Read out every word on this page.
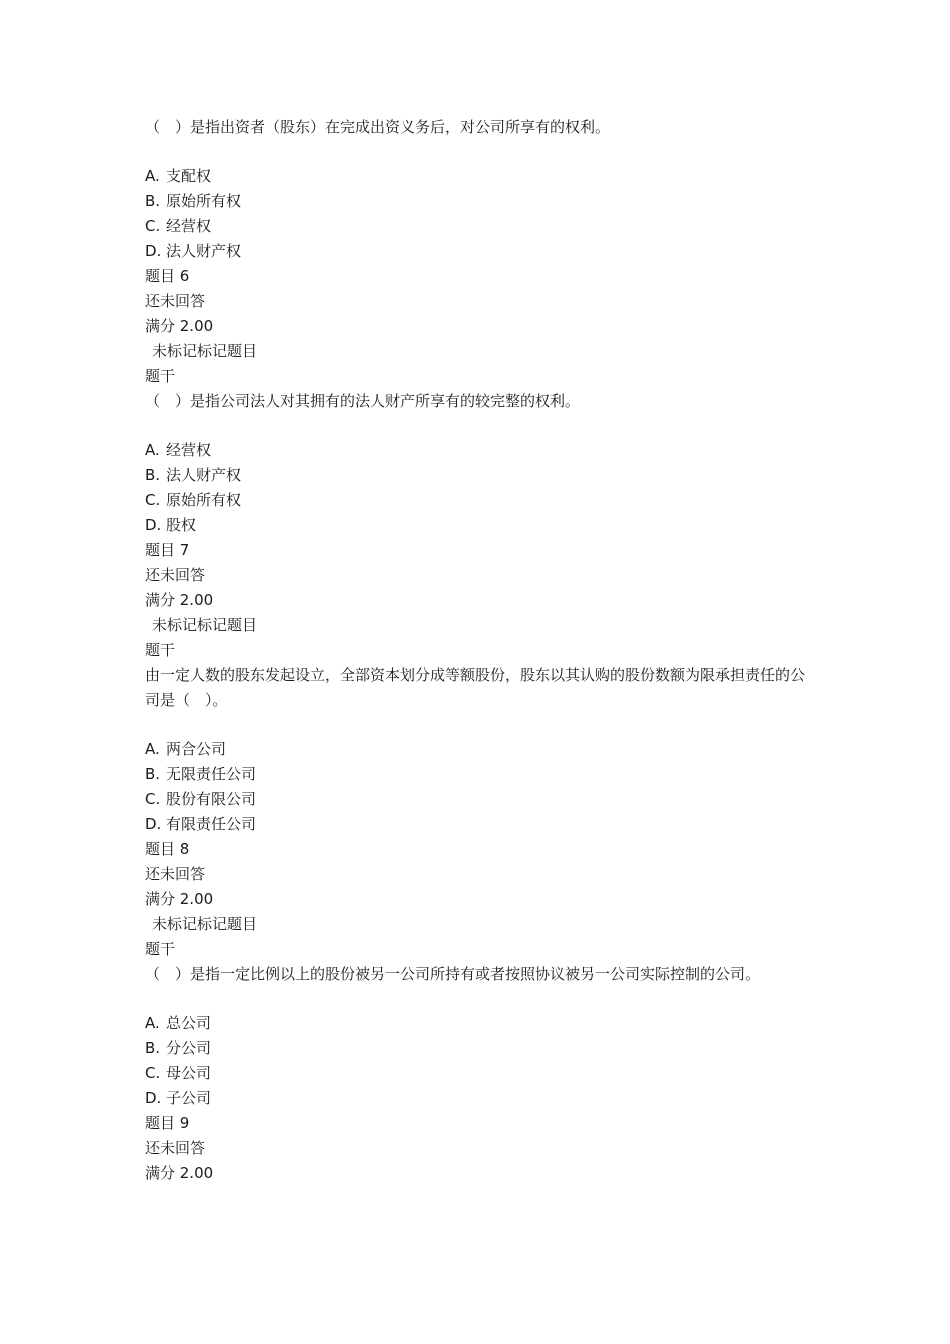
（　）是指出资者（股东）在完成出资义务后，对公司所享有的权利。
A. 支配权
B. 原始所有权
C. 经营权
D. 法人财产权
题目 6
还未回答
满分 2.00
未标记标记题目
题干
（　）是指公司法人对其拥有的法人财产所享有的较完整的权利。
A. 经营权
B. 法人财产权
C. 原始所有权
D. 股权
题目 7
还未回答
满分 2.00
未标记标记题目
题干
由一定人数的股东发起设立，全部资本划分成等额股份，股东以其认购的股份数额为限承担责任的公司是（　）。
A. 两合公司
B. 无限责任公司
C. 股份有限公司
D. 有限责任公司
题目 8
还未回答
满分 2.00
未标记标记题目
题干
（　）是指一定比例以上的股份被另一公司所持有或者按照协议被另一公司实际控制的公司。
A. 总公司
B. 分公司
C. 母公司
D. 子公司
题目 9
还未回答
满分 2.00
